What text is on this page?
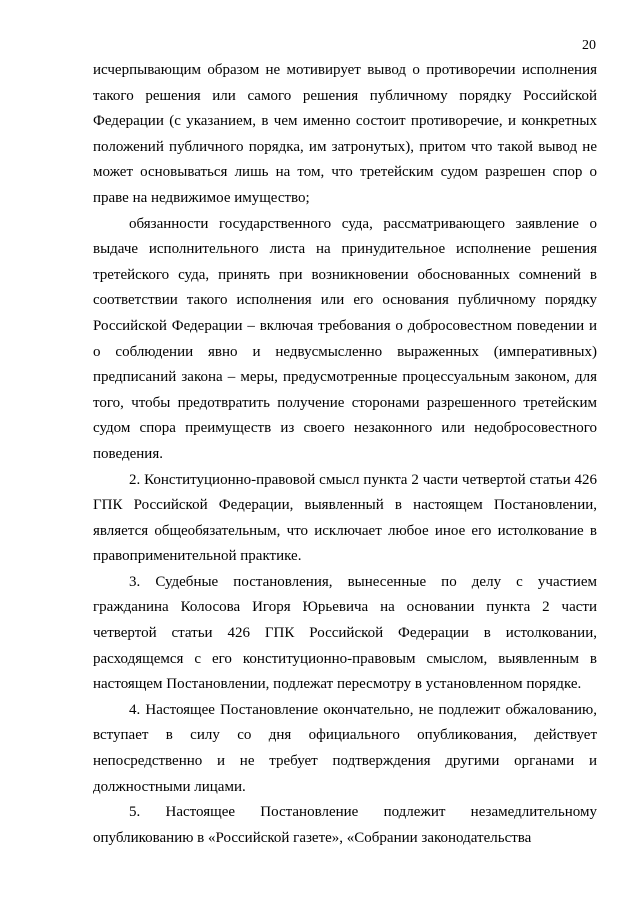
20

исчерпывающим образом не мотивирует вывод о противоречии исполнения такого решения или самого решения публичному порядку Российской Федерации (с указанием, в чем именно состоит противоречие, и конкретных положений публичного порядка, им затронутых), притом что такой вывод не может основываться лишь на том, что третейским судом разрешен спор о праве на недвижимое имущество;

обязанности государственного суда, рассматривающего заявление о выдаче исполнительного листа на принудительное исполнение решения третейского суда, принять при возникновении обоснованных сомнений в соответствии такого исполнения или его основания публичному порядку Российской Федерации – включая требования о добросовестном поведении и о соблюдении явно и недвусмысленно выраженных (императивных) предписаний закона – меры, предусмотренные процессуальным законом, для того, чтобы предотвратить получение сторонами разрешенного третейским судом спора преимуществ из своего незаконного или недобросовестного поведения.

2. Конституционно-правовой смысл пункта 2 части четвертой статьи 426 ГПК Российской Федерации, выявленный в настоящем Постановлении, является общеобязательным, что исключает любое иное его истолкование в правоприменительной практике.

3. Судебные постановления, вынесенные по делу с участием гражданина Колосова Игоря Юрьевича на основании пункта 2 части четвертой статьи 426 ГПК Российской Федерации в истолковании, расходящемся с его конституционно-правовым смыслом, выявленным в настоящем Постановлении, подлежат пересмотру в установленном порядке.

4. Настоящее Постановление окончательно, не подлежит обжалованию, вступает в силу со дня официального опубликования, действует непосредственно и не требует подтверждения другими органами и должностными лицами.

5. Настоящее Постановление подлежит незамедлительному опубликованию в «Российской газете», «Собрании законодательства
